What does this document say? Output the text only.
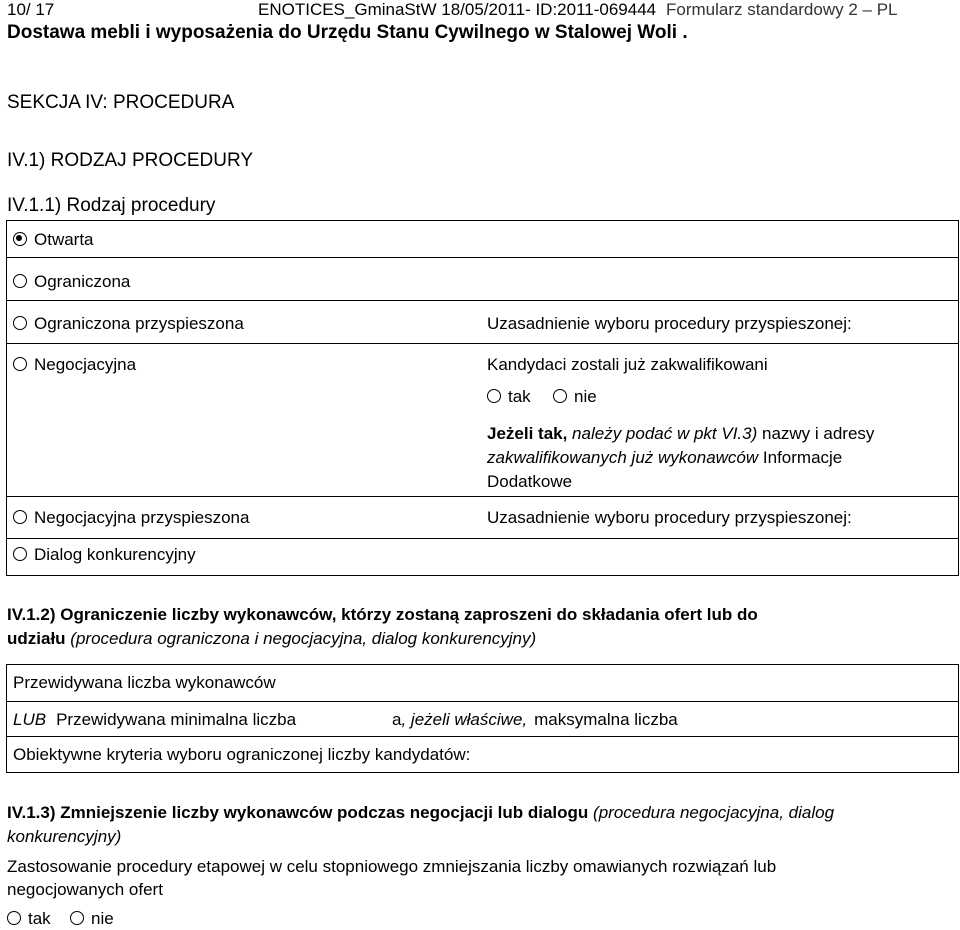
10/ 17	ENOTICES_GminaStW 18/05/2011- ID:2011-069444 Formularz standardowy 2 – PL
Dostawa mebli i wyposażenia do Urzędu Stanu Cywilnego w Stalowej Woli .
SEKCJA IV: PROCEDURA
IV.1) RODZAJ PROCEDURY
IV.1.1) Rodzaj procedury
Otwarta
Ograniczona
Ograniczona przyspieszona	Uzasadnienie wyboru procedury przyspieszonej:
Negocjacyjna	Kandydaci zostali już zakwalifikowani
tak	nie
Jeżeli tak, należy podać w pkt VI.3) nazwy i adresy
zakwalifikowanych już wykonawców Informacje
Dodatkowe
Negocjacyjna przyspieszona	Uzasadnienie wyboru procedury przyspieszonej:
Dialog konkurencyjny
IV.1.2) Ograniczenie liczby wykonawców, którzy zostaną zaproszeni do składania ofert lub do
udziału (procedura ograniczona i negocjacyjna, dialog konkurencyjny)
Przewidywana liczba wykonawców
LUB Przewidywana minimalna liczba	a, jeżeli właściwe, maksymalna liczba
Obiektywne kryteria wyboru ograniczonej liczby kandydatów:
IV.1.3) Zmniejszenie liczby wykonawców podczas negocjacji lub dialogu (procedura negocjacyjna, dialog
konkurencyjny)
Zastosowanie procedury etapowej w celu stopniowego zmniejszania liczby omawianych rozwiązań lub
negocjowanych ofert
tak	nie
